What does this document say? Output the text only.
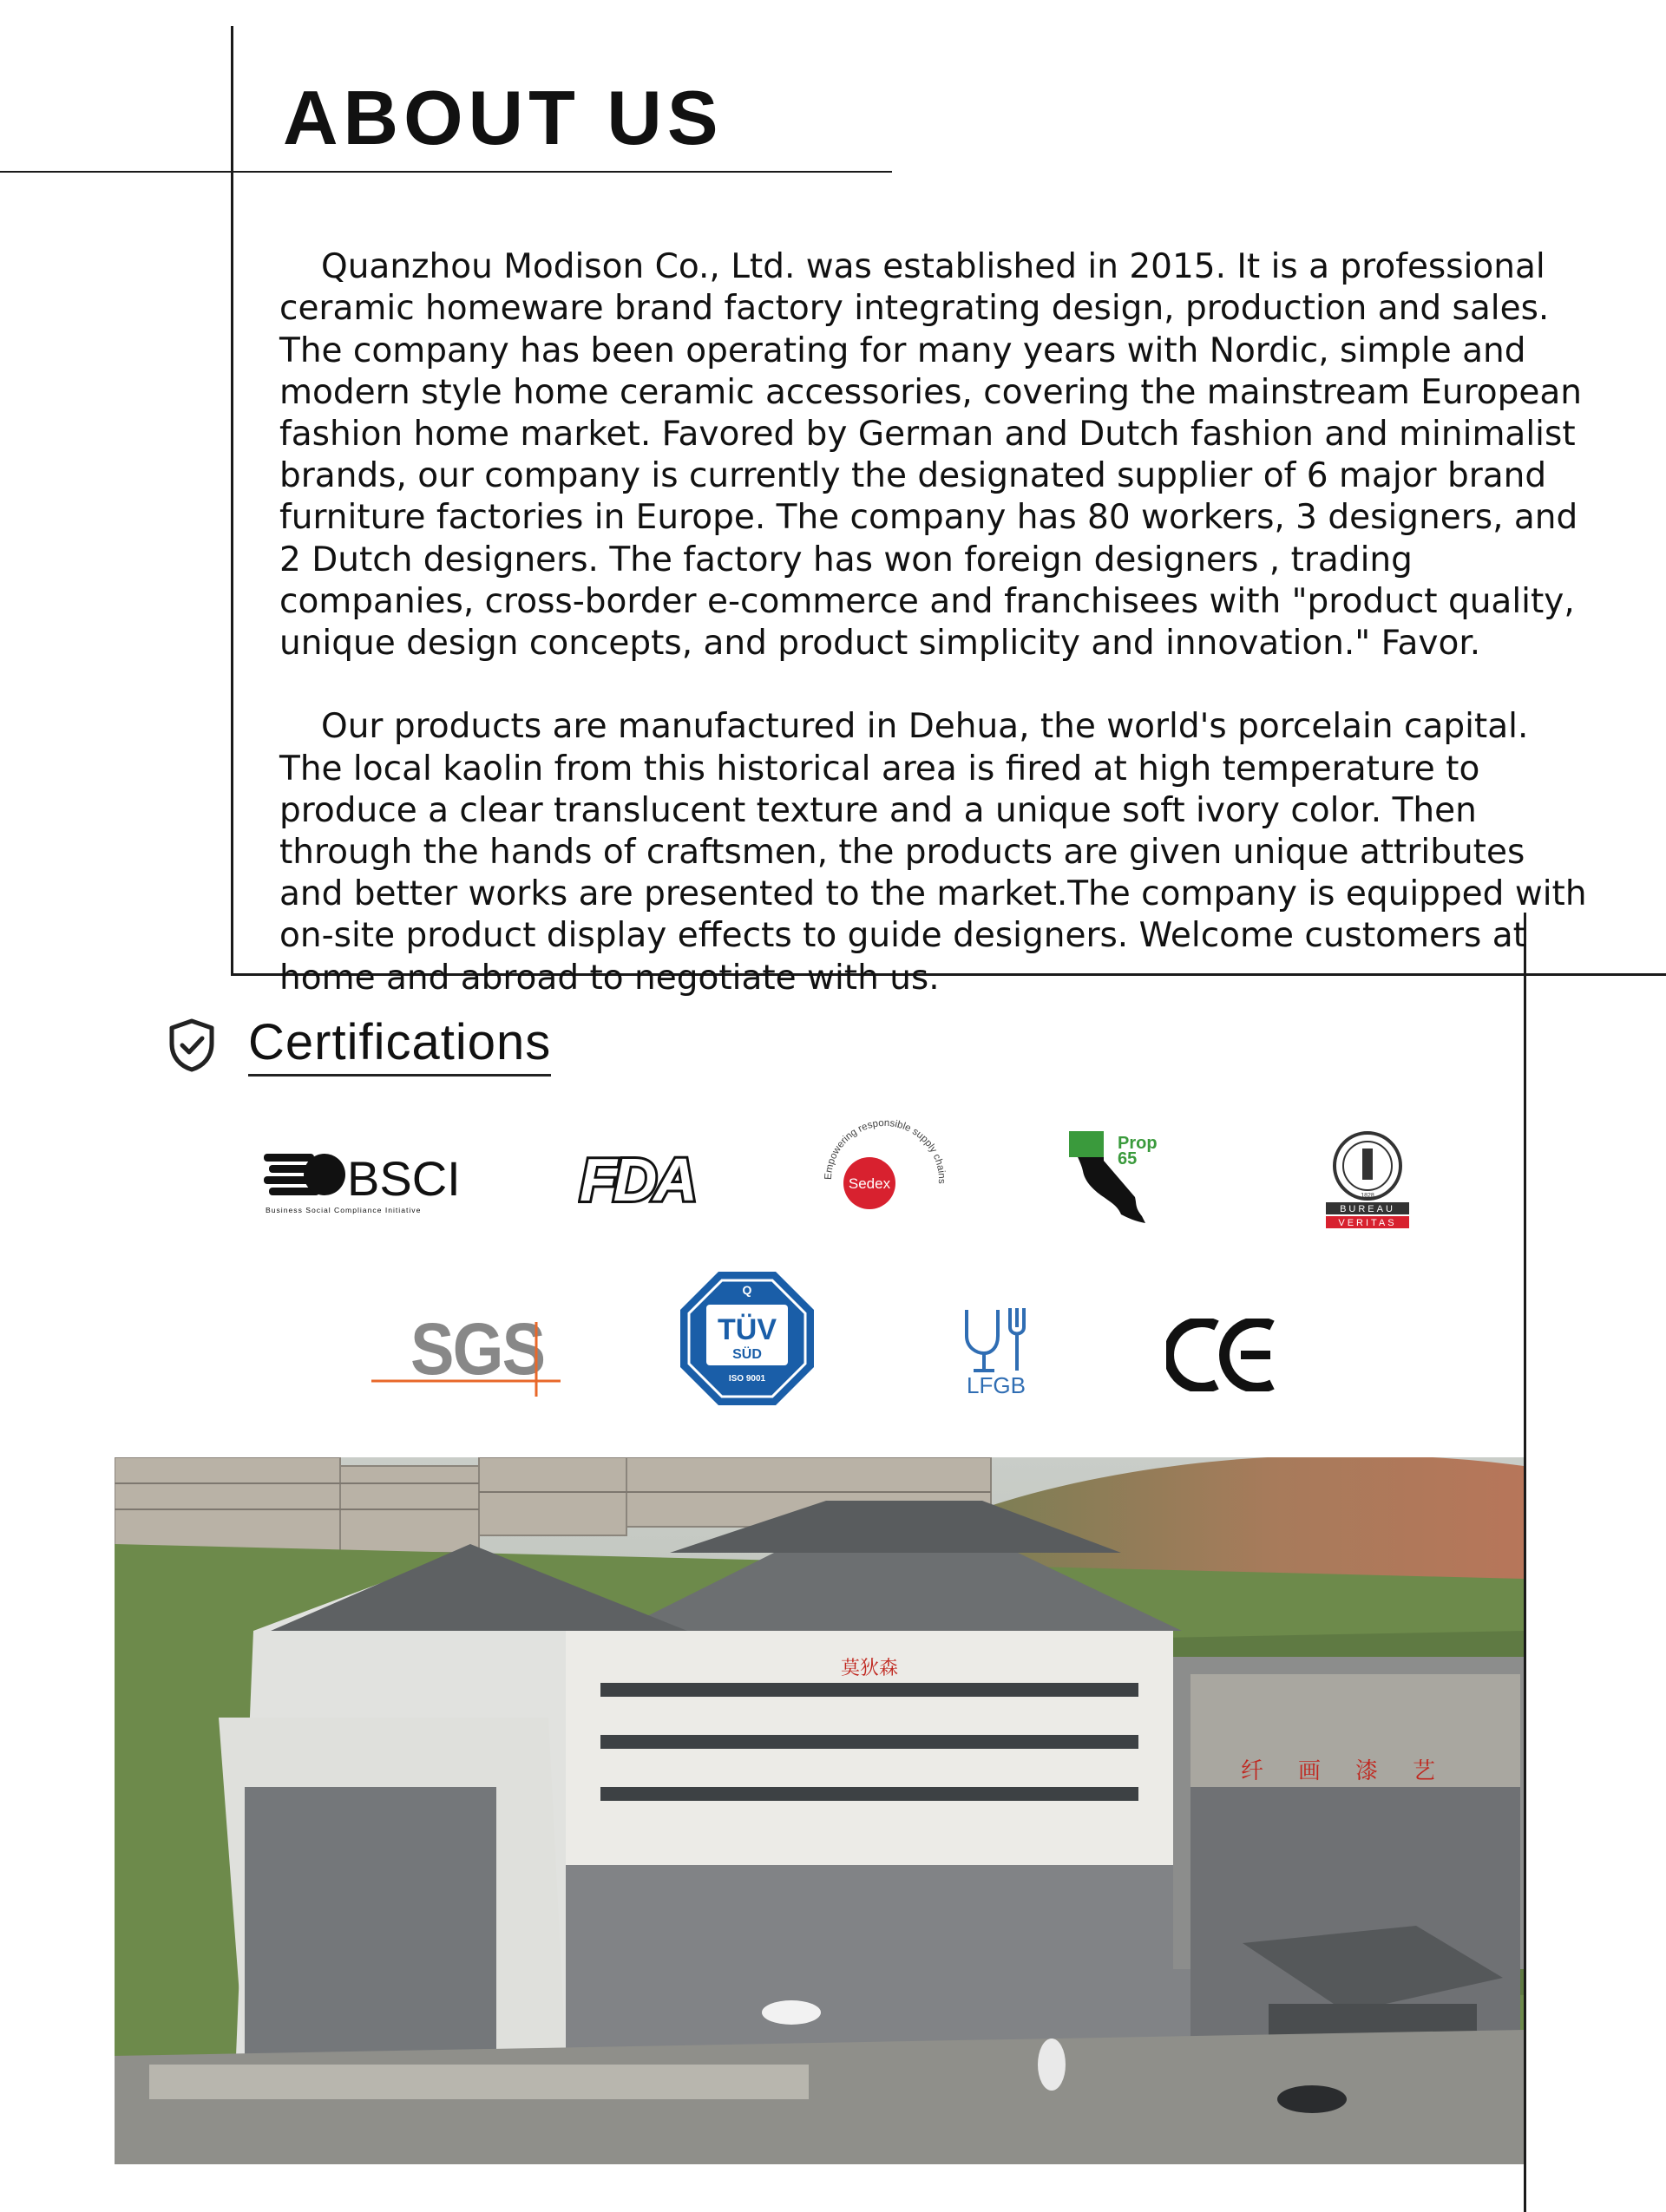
ABOUT US

Quanzhou Modison Co., Ltd. was established in 2015. It is a professional ceramic homeware brand factory integrating design, production and sales. The company has been operating for many years with Nordic, simple and modern style home ceramic accessories, covering the mainstream European fashion home market. Favored by German and Dutch fashion and minimalist brands, our company is currently the designated supplier of 6 major brand furniture factories in Europe. The company has 80 workers, 3 designers, and 2 Dutch designers. The factory has won foreign designers , trading companies, cross-border e-commerce and franchisees with "product quality, unique design concepts, and product simplicity and innovation." Favor.

Our products are manufactured in Dehua, the world's porcelain capital. The local kaolin from this historical area is fired at high temperature to produce a clear translucent texture and a unique soft ivory color. Then through the hands of craftsmen, the products are given unique attributes and better works are presented to the market.The company is equipped with on-site product display effects to guide designers. Welcome customers at home and abroad to negotiate with us.

Certifications
BSCI
Business Social Compliance Initiative	FDA	Empowering responsible supply chains
Sedex
Prop
65
1828
BUREAU
VERITAS
SGS
Q
TÜV
SÜD
ISO 9001	LFGB
莫狄森
纤画漆艺
